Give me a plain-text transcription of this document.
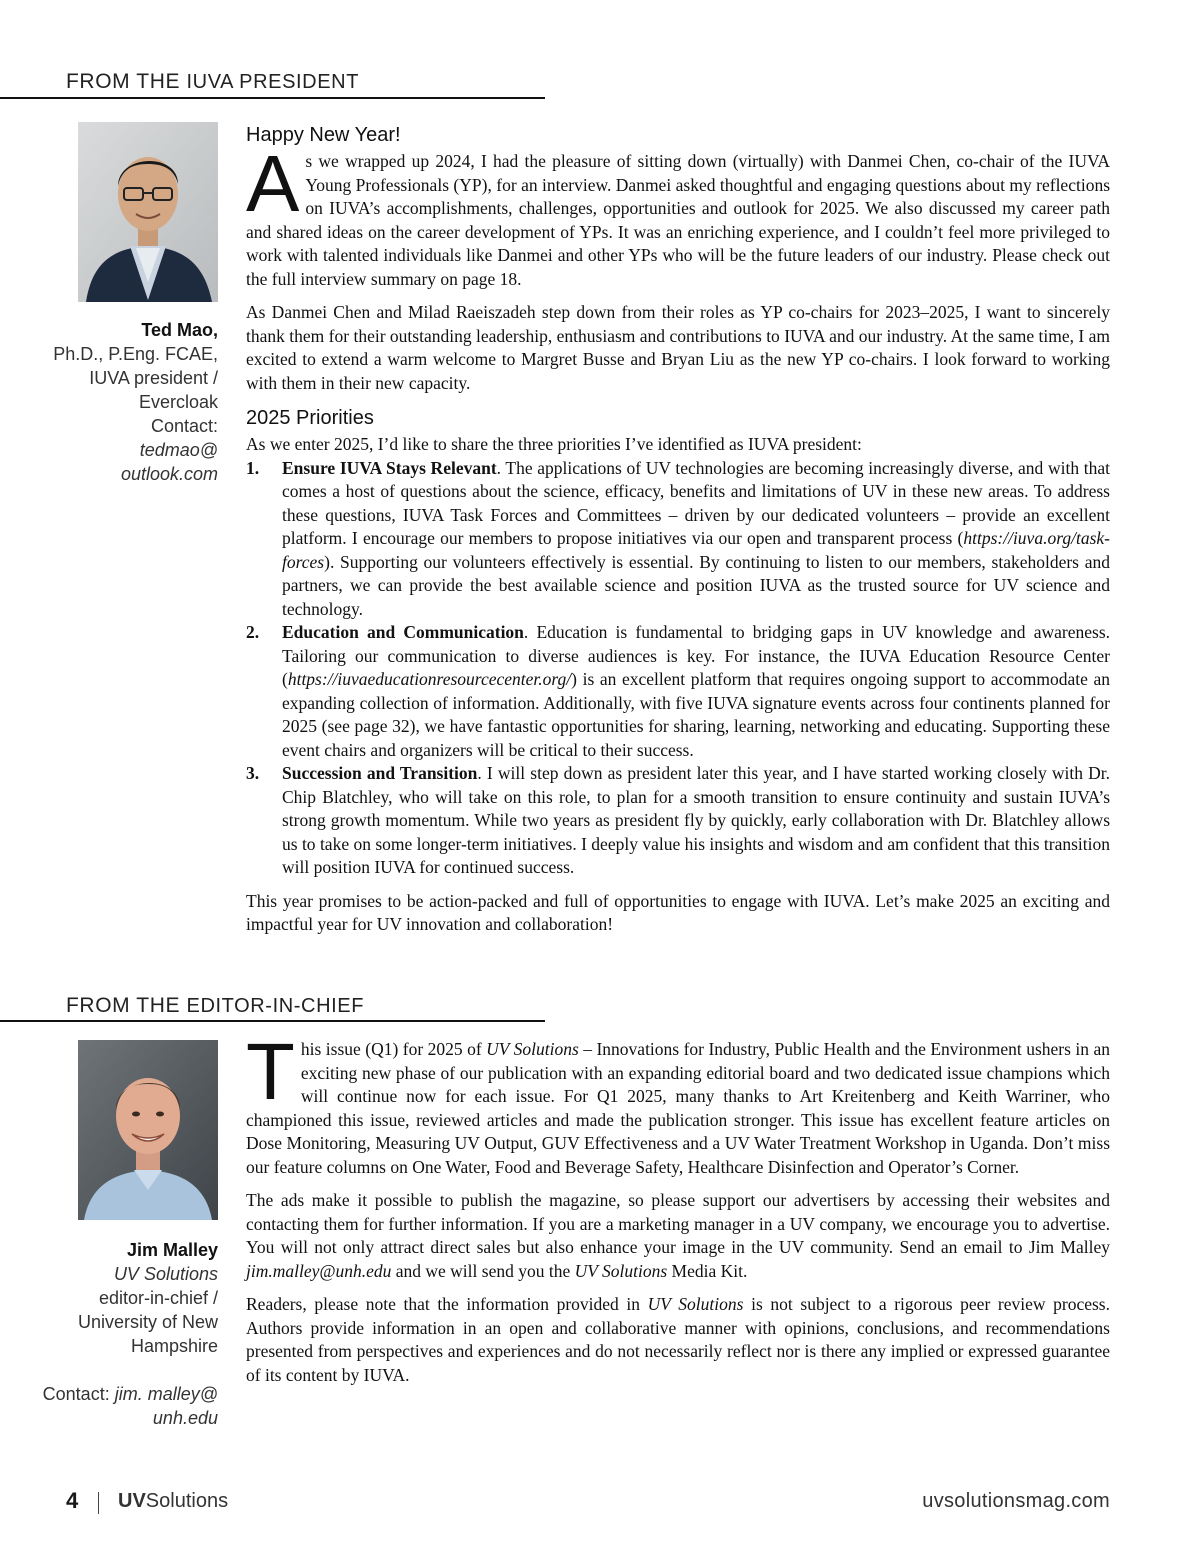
FROM THE IUVA PRESIDENT
Ted Mao,
Ph.D., P.Eng. FCAE,
IUVA president / Evercloak
Contact:
tedmao@ outlook.com
Happy New Year!

As we wrapped up 2024, I had the pleasure of sitting down (virtually) with Danmei Chen, co-chair of the IUVA Young Professionals (YP), for an interview. Danmei asked thoughtful and engaging questions about my reflections on IUVA’s accomplishments, challenges, opportunities and outlook for 2025. We also discussed my career path and shared ideas on the career development of YPs. It was an enriching experience, and I couldn’t feel more privileged to work with talented individuals like Danmei and other YPs who will be the future leaders of our industry. Please check out the full interview summary on page 18.

As Danmei Chen and Milad Raeiszadeh step down from their roles as YP co-chairs for 2023–2025, I want to sincerely thank them for their outstanding leadership, enthusiasm and contributions to IUVA and our industry. At the same time, I am excited to extend a warm welcome to Margret Busse and Bryan Liu as the new YP co-chairs. I look forward to working with them in their new capacity.

2025 Priorities
As we enter 2025, I’d like to share the three priorities I’ve identified as IUVA president:
1. Ensure IUVA Stays Relevant. The applications of UV technologies are becoming increasingly diverse, and with that comes a host of questions about the science, efficacy, benefits and limitations of UV in these new areas. To address these questions, IUVA Task Forces and Committees – driven by our dedicated volunteers – provide an excellent platform. I encourage our members to propose initiatives via our open and transparent process (https://iuva.org/task-forces). Supporting our volunteers effectively is essential. By continuing to listen to our members, stakeholders and partners, we can provide the best available science and position IUVA as the trusted source for UV science and technology.
2. Education and Communication. Education is fundamental to bridging gaps in UV knowledge and awareness. Tailoring our communication to diverse audiences is key. For instance, the IUVA Education Resource Center (https://iuvaeducationresourcecenter.org/) is an excellent platform that requires ongoing support to accommodate an expanding collection of information. Additionally, with five IUVA signature events across four continents planned for 2025 (see page 32), we have fantastic opportunities for sharing, learning, networking and educating. Supporting these event chairs and organizers will be critical to their success.
3. Succession and Transition. I will step down as president later this year, and I have started working closely with Dr. Chip Blatchley, who will take on this role, to plan for a smooth transition to ensure continuity and sustain IUVA’s strong growth momentum. While two years as president fly by quickly, early collaboration with Dr. Blatchley allows us to take on some longer-term initiatives. I deeply value his insights and wisdom and am confident that this transition will position IUVA for continued success.

This year promises to be action-packed and full of opportunities to engage with IUVA. Let’s make 2025 an exciting and impactful year for UV innovation and collaboration!

FROM THE EDITOR-IN-CHIEF
Jim Malley
UV Solutions
editor-in-chief / University of New Hampshire
Contact: jim. malley@ unh.edu

This issue (Q1) for 2025 of UV Solutions – Innovations for Industry, Public Health and the Environment ushers in an exciting new phase of our publication with an expanding editorial board and two dedicated issue champions which will continue now for each issue. For Q1 2025, many thanks to Art Kreitenberg and Keith Warriner, who championed this issue, reviewed articles and made the publication stronger. This issue has excellent feature articles on Dose Monitoring, Measuring UV Output, GUV Effectiveness and a UV Water Treatment Workshop in Uganda. Don’t miss our feature columns on One Water, Food and Beverage Safety, Healthcare Disinfection and Operator’s Corner.

The ads make it possible to publish the magazine, so please support our advertisers by accessing their websites and contacting them for further information. If you are a marketing manager in a UV company, we encourage you to advertise. You will not only attract direct sales but also enhance your image in the UV community. Send an email to Jim Malley jim.malley@unh.edu and we will send you the UV Solutions Media Kit.

Readers, please note that the information provided in UV Solutions is not subject to a rigorous peer review process. Authors provide information in an open and collaborative manner with opinions, conclusions, and recommendations presented from perspectives and experiences and do not necessarily reflect nor is there any implied or expressed guarantee of its content by IUVA.

4 UVSolutions	uvsolutionsmag.com
